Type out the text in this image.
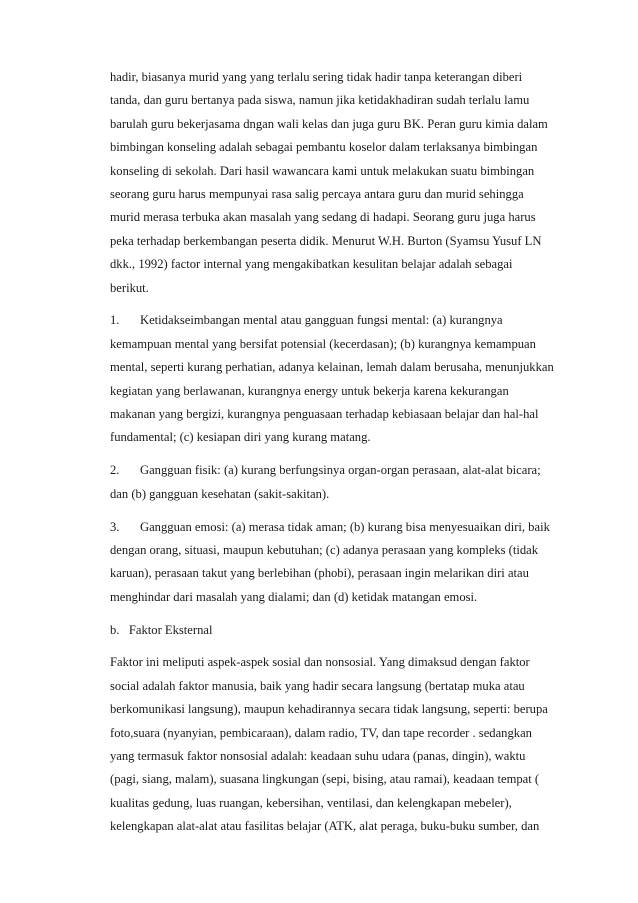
hadir, biasanya murid yang yang terlalu sering tidak hadir tanpa keterangan diberi
tanda, dan guru bertanya pada siswa, namun jika ketidakhadiran sudah terlalu lamu
barulah guru bekerjasama dngan wali kelas dan juga guru BK. Peran guru kimia dalam
bimbingan konseling adalah sebagai pembantu koselor dalam terlaksanya bimbingan
konseling di sekolah. Dari hasil wawancara kami untuk melakukan suatu bimbingan
seorang guru harus mempunyai rasa salig percaya antara guru dan murid sehingga
murid merasa terbuka akan masalah yang sedang di hadapi. Seorang guru juga harus
peka terhadap berkembangan peserta didik. Menurut W.H. Burton (Syamsu Yusuf LN
dkk., 1992) factor internal yang mengakibatkan kesulitan belajar adalah sebagai
berikut.
1. Ketidakseimbangan mental atau gangguan fungsi mental: (a) kurangnya
kemampuan mental yang bersifat potensial (kecerdasan); (b) kurangnya kemampuan
mental, seperti kurang perhatian, adanya kelainan, lemah dalam berusaha, menunjukkan
kegiatan yang berlawanan, kurangnya energy untuk bekerja karena kekurangan
makanan yang bergizi, kurangnya penguasaan terhadap kebiasaan belajar dan hal-hal
fundamental; (c) kesiapan diri yang kurang matang.
2. Gangguan fisik: (a) kurang berfungsinya organ-organ perasaan, alat-alat bicara;
dan (b) gangguan kesehatan (sakit-sakitan).
3. Gangguan emosi: (a) merasa tidak aman; (b) kurang bisa menyesuaikan diri, baik
dengan orang, situasi, maupun kebutuhan; (c) adanya perasaan yang kompleks (tidak
karuan), perasaan takut yang berlebihan (phobi), perasaan ingin melarikan diri atau
menghindar dari masalah yang dialami; dan (d) ketidak matangan emosi.
b.   Faktor Eksternal
Faktor ini meliputi aspek-aspek sosial dan nonsosial. Yang dimaksud dengan faktor
social adalah faktor manusia, baik yang hadir secara langsung (bertatap muka atau
berkomunikasi langsung), maupun kehadirannya secara tidak langsung, seperti: berupa
foto,suara (nyanyian, pembicaraan), dalam radio, TV, dan tape recorder . sedangkan
yang termasuk faktor nonsosial adalah: keadaan suhu udara (panas, dingin), waktu
(pagi, siang, malam), suasana lingkungan (sepi, bising, atau ramai), keadaan tempat (
kualitas gedung, luas ruangan, kebersihan, ventilasi, dan kelengkapan mebeler),
kelengkapan alat-alat atau fasilitas belajar (ATK, alat peraga, buku-buku sumber, dan
